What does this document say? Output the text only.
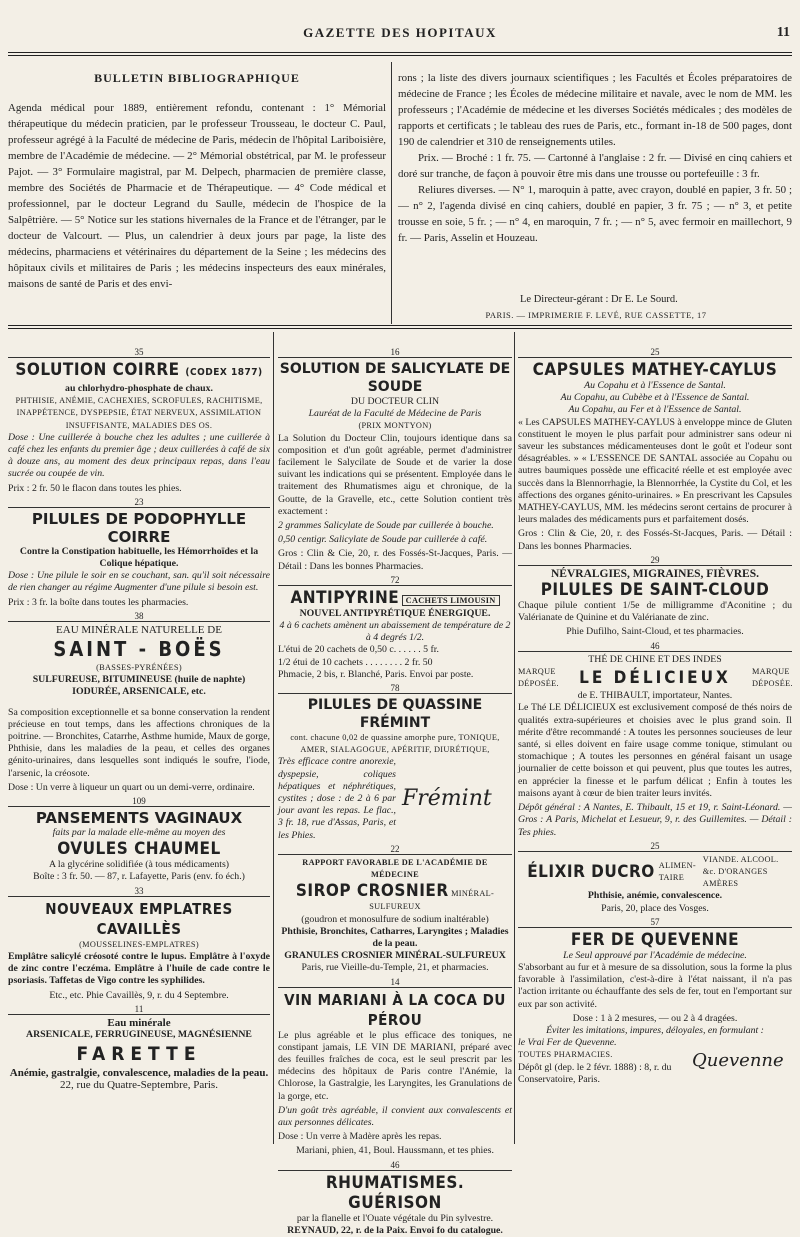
GAZETTE DES HOPITAUX	11
BULLETIN BIBLIOGRAPHIQUE
Agenda médical pour 1889, entièrement refondu, contenant : 1° Mémorial thérapeutique du médecin praticien, par le professeur Trousseau, le docteur C. Paul, professeur agrégé à la Faculté de médecine de Paris, médecin de l'hôpital Lariboisière, membre de l'Académie de médecine. — 2° Mémorial obstétrical, par M. le professeur Pajot. — 3° Formulaire magistral, par M. Delpech, pharmacien de première classe, membre des Sociétés de Pharmacie et de Thérapeutique. — 4° Code médical et professionnel, par le docteur Legrand du Saulle, médecin de l'hospice de la Salpêtrière. — 5° Notice sur les stations hivernales de la France et de l'étranger, par le docteur de Valcourt. — Plus, un calendrier à deux jours par page, la liste des médecins, pharmaciens et vétérinaires du département de la Seine ; les médecins des hôpitaux civils et militaires de Paris ; les médecins inspecteurs des eaux minérales, maisons de santé de Paris et des envi-
rons ; la liste des divers journaux scientifiques ; les Facultés et Écoles préparatoires de médecine de France ; les Écoles de médecine militaire et navale, avec le nom de MM. les professeurs ; l'Académie de médecine et les diverses Sociétés médicales ; des modèles de rapports et certificats ; le tableau des rues de Paris, etc., formant in-18 de 500 pages, dont 190 de calendrier et 310 de renseignements utiles.
Prix. — Broché : 1 fr. 75. — Cartonné à l'anglaise : 2 fr. — Divisé en cinq cahiers et doré sur tranche, de façon à pouvoir être mis dans une trousse ou portefeuille : 3 fr.
Reliures diverses. — N° 1, maroquin à patte, avec crayon, doublé en papier, 3 fr. 50 ; — n° 2, l'agenda divisé en cinq cahiers, doublé en papier, 3 fr. 75 ; — n° 3, et petite trousse en soie, 5 fr. ; — n° 4, en maroquin, 7 fr. ; — n° 5, avec fermoir en maillechort, 9 fr. — Paris, Asselin et Houzeau.
Le Directeur-gérant : Dr E. Le Sourd.
PARIS. — IMPRIMERIE F. LEVÉ, RUE CASSETTE, 17
35
SOLUTION COIRRE (CODEX 1877)
au chlorhydro-phosphate de chaux.
PHTHISIE, ANÉMIE, CACHEXIES, SCROFULES, RACHITISME, INAPPÉTENCE, DYSPEPSIE, ÉTAT NERVEUX, ASSIMILATION INSUFFISANTE, MALADIES DES OS.

Dose : Une cuillerée à bouche chez les adultes ; une cuillerée à café chez les enfants du premier âge ; deux cuillerées à café de six à douze ans, au moment des deux principaux repas, dans l'eau sucrée ou coupée de vin.

Prix : 2 fr. 50 le flacon dans toutes les phies.

23
PILULES DE PODOPHYLLE COIRRE
Contre la Constipation habituelle, les Hémorrhoïdes et la Colique hépatique.

Dose : Une pilule le soir en se couchant, san. qu'il soit nécessaire de rien changer au régime Augmenter d'une pilule si besoin est.

Prix : 3 fr. la boîte dans toutes les pharmacies.

38
EAU MINÉRALE NATURELLE DE
SAINT - BOËS
(BASSES-PYRÉNÉES)
SULFUREUSE, BITUMINEUSE (huile de naphte) IODURÉE, ARSENICALE, etc.

Sa composition exceptionnelle et sa bonne conservation la rendent précieuse en tout temps, dans les affections chroniques de la poitrine. — Bronchites, Catarrhe, Asthme humide, Maux de gorge, Phthisie, dans les maladies de la peau, et celles des organes génito-urinaires, dans lesquelles sont indiqués le soufre, l'iode, l'arsenic, la créosote.

Dose : Un verre à liqueur un quart ou un demi-verre, ordinaire.

109
PANSEMENTS VAGINAUX
faits par la malade elle-même au moyen des
OVULES CHAUMEL
A la glycérine solidifiée (à tous médicaments)
Boîte : 3 fr. 50. — 87, r. Lafayette, Paris (env. fo éch.)
33
NOUVEAUX EMPLATRES CAVAILLÈS
(MOUSSELINES-EMPLATRES)

Emplâtre salicylé créosoté contre le lupus. Emplâtre à l'oxyde de zinc contre l'eczéma. Emplâtre à l'huile de cade contre le psoriasis. Taffetas de Vigo contre les syphilides.

Etc., etc. Phie Cavaillès, 9, r. du 4 Septembre.
11
Eau minérale
ARSENICALE, FERRUGINEUSE, MAGNÉSIENNE
FARETTE
Anémie, gastralgie, convalescence, maladies de la peau.
22, rue du Quatre-Septembre, Paris.
16
SOLUTION DE SALICYLATE DE SOUDE
DU DOCTEUR CLIN
Lauréat de la Faculté de Médecine de Paris
(PRIX MONTYON)

La Solution du Docteur Clin, toujours identique dans sa composition et d'un goût agréable, permet d'administrer facilement le Salycilate de Soude et de varier la dose suivant les indications qui se présentent. Employée dans le traitement des Rhumatismes aigu et chronique, de la Goutte, de la Gravelle, etc., cette Solution contient très exactement :

2 grammes Salicylate de Soude par cuillerée à bouche.

0,50 centigr. Salicylate de Soude par cuillerée à café.

Gros : Clin & Cie, 20, r. des Fossés-St-Jacques, Paris. — Détail : Dans les bonnes Pharmacies.

72
ANTIPYRINE CACHETS LIMOUSIN
NOUVEL ANTIPYRÉTIQUE ÉNERGIQUE.
4 à 6 cachets amènent un abaissement de température de 2 à 4 degrés 1/2.
L'étui de 20 cachets de 0,50 c. . . . . . 5 fr.
1/2 étui de 10 cachets . . . . . . . . 2 fr. 50
Phmacie, 2 bis, r. Blanché, Paris. Envoi par poste.
78
PILULES DE QUASSINE FRÉMINT
cont. chacune 0,02 de quassine amorphe pure, TONIQUE, AMER, SIALAGOGUE, APÉRITIF, DIURÉTIQUE,
Très efficace contre anorexie, dyspepsie, coliques hépatiques et néphrétiques, cystites ; dose : de 2 à 6 par jour avant les repas. Le flac., 3 fr. 18, rue d'Assas, Paris, et les Phies.
Frémint
22
RAPPORT FAVORABLE DE L'ACADÉMIE DE MÉDECINE
SIROP CROSNIER MINÉRAL-SULFUREUX
(goudron et monosulfure de sodium inaltérable)
Phthisie, Bronchites, Catharres, Laryngites ; Maladies de la peau.
GRANULES CROSNIER MINÉRAL-SULFUREUX
Paris, rue Vieille-du-Temple, 21, et pharmacies.
14
VIN MARIANI À LA COCA DU PÉROU

Le plus agréable et le plus efficace des toniques, ne constipant jamais, LE VIN DE MARIANI, préparé avec des feuilles fraîches de coca, est le seul prescrit par les médecins des hôpitaux de Paris contre l'Anémie, la Chlorose, la Gastralgie, les Laryngites, les Granulations de la gorge, etc.

D'un goût très agréable, il convient aux convalescents et aux personnes délicates.

Dose : Un verre à Madère après les repas.

Mariani, phien, 41, Boul. Haussmann, et tes phies.
46
RHUMATISMES. GUÉRISON
par la flanelle et l'Ouate végétale du Pin sylvestre.
REYNAUD, 22, r. de la Paix. Envoi fo du catalogue.
25
CAPSULES MATHEY-CAYLUS
Au Copahu et à l'Essence de Santal.
Au Copahu, au Cubèbe et à l'Essence de Santal.
Au Copahu, au Fer et à l'Essence de Santal.

« Les CAPSULES MATHEY-CAYLUS à enveloppe mince de Gluten constituent le moyen le plus parfait pour administrer sans odeur ni saveur les substances médicamenteuses dont le goût et l'odeur sont désagréables. » « L'ESSENCE DE SANTAL associée au Copahu ou autres baumiques possède une efficacité réelle et est employée avec succès dans la Blennorrhagie, la Blennorrhée, la Cystite du Col, et les affections des organes génito-urinaires. » En prescrivant les Capsules MATHEY-CAYLUS, MM. les médecins seront certains de procurer à leurs malades des médicaments purs et parfaitement dosés.

Gros : Clin & Cie, 20, r. des Fossés-St-Jacques, Paris. — Détail : Dans les bonnes Pharmacies.

29
NÉVRALGIES, MIGRAINES, FIÈVRES.
PILULES DE SAINT-CLOUD

Chaque pilule contient 1/5e de milligramme d'Aconitine ; du Valérianate de Quinine et du Valérianate de zinc.

Phie Dufilho, Saint-Cloud, et tes pharmacies.
46
THÉ DE CHINE ET DES INDES
MARQUE DÉPOSÉE. LE DÉLICIEUX	MARQUE DÉPOSÉE.
de E. THIBAULT, importateur, Nantes.

Le Thé LE DÉLICIEUX est exclusivement composé de thés noirs de qualités extra-supérieures et choisies avec le plus grand soin. Il mérite d'être recommandé : A toutes les personnes soucieuses de leur santé, si elles doivent en faire usage comme tonique, stimulant ou stomachique ; A toutes les personnes en général faisant un usage journalier de cette boisson et qui peuvent, plus que toutes les autres, en apprécier la finesse et le parfum délicat ; Enfin à toutes les maisons ayant à cœur de bien traiter leurs invités.

Dépôt général : A Nantes, E. Thibault, 15 et 19, r. Saint-Léonard. — Gros : A Paris, Michelat et Lesueur, 9, r. des Guillemites. — Détail : Tes phies.

25
ÉLIXIR DUCRO ALIMEN-TAIRE
VIANDE. ALCOOL. &c. D'ORANGES AMÈRES
Phthisie, anémie, convalescence.
Paris, 20, place des Vosges.
57
FER DE QUEVENNE
Le Seul approuvé par l'Académie de médecine.

S'absorbant au fur et à mesure de sa dissolution, sous la forme la plus favorable à l'assimilation, c'est-à-dire à l'état naissant, il n'a pas l'action irritante ou échauffante des sels de fer, tout en l'emportant sur eux par son activité.

Dose : 1 à 2 mesures, — ou 2 à 4 dragées.
Éviter les imitations, impures, déloyales, en formulant :
le Vrai Fer de Quevenne.
TOUTES PHARMACIES.
Dépôt gl (dep. le 2 févr. 1888) : 8, r. du Conservatoire, Paris.
Quevenne
